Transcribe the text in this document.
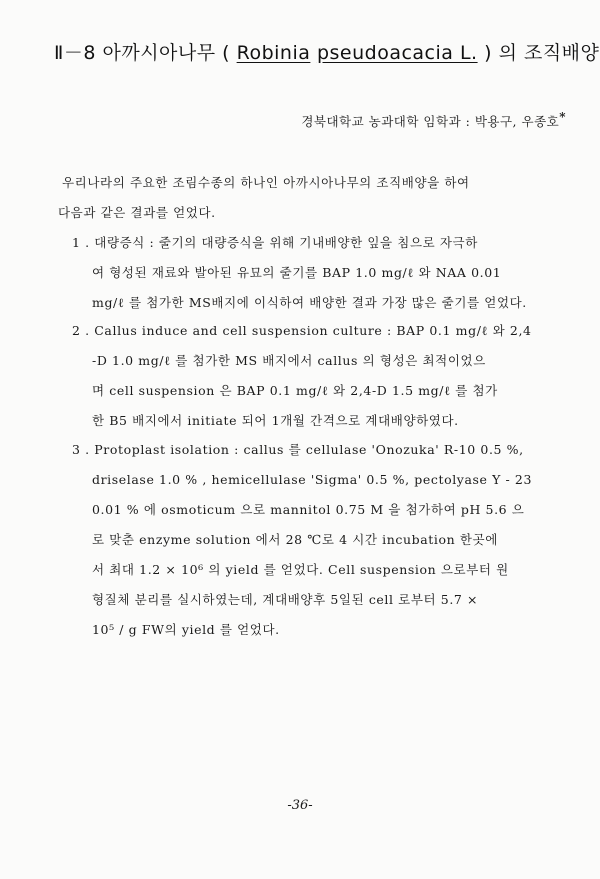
Ⅱ－8 아까시아나무 ( Robinia pseudoacacia L. ) 의 조직배양
경북대학교 농과대학 임학과 : 박용구, 우종호*
우리나라의 주요한 조림수종의 하나인 아까시아나무의 조직배양을 하여
다음과 같은 결과를 얻었다.
1 . 대량증식 : 줄기의 대량증식을 위해 기내배양한 잎을 침으로 자극하
여 형성된 재료와 발아된 유묘의 줄기를 BAP 1.0 mg/ℓ 와 NAA 0.01
mg/ℓ 를 첨가한 MS배지에 이식하여 배양한 결과 가장 많은 줄기를 얻었다.
2 . Callus induce and cell suspension culture : BAP 0.1 mg/ℓ 와 2,4
-D 1.0 mg/ℓ 를 첨가한 MS 배지에서 callus 의 형성은 최적이었으
며 cell suspension 은 BAP 0.1 mg/ℓ 와 2,4-D 1.5 mg/ℓ 를 첨가
한 B5 배지에서 initiate 되어 1개월 간격으로 계대배양하였다.
3 . Protoplast isolation : callus 를 cellulase 'Onozuka' R-10 0.5 %,
driselase 1.0 % , hemicellulase 'Sigma' 0.5 %, pectolyase Y - 23
0.01 % 에 osmoticum 으로 mannitol 0.75 M 을 첨가하여 pH 5.6 으
로 맞춘 enzyme solution 에서 28 ℃로 4 시간 incubation 한곳에
서 최대 1.2 × 10⁶ 의 yield 를 얻었다. Cell suspension 으로부터 원
형질체 분리를 실시하였는데, 계대배양후 5일된 cell 로부터 5.7 ×
10⁵ / g FW의 yield 를 얻었다.
-36-
